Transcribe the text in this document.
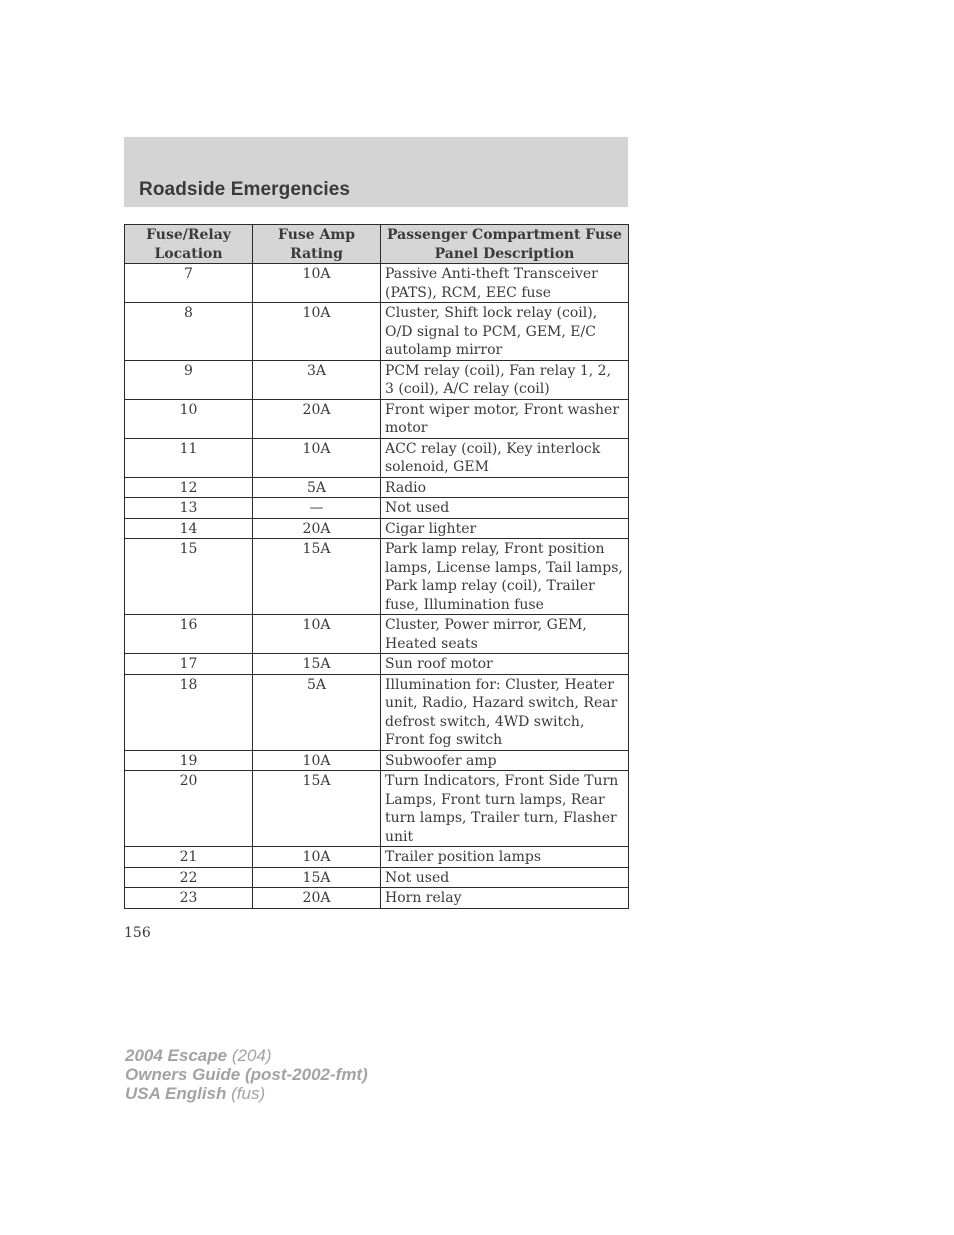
Roadside Emergencies
Fuse/Relay Location	Fuse Amp Rating	Passenger Compartment Fuse Panel Description
7	10A	Passive Anti-theft Transceiver (PATS), RCM, EEC fuse
8	10A	Cluster, Shift lock relay (coil), O/D signal to PCM, GEM, E/C autolamp mirror
9	3A	PCM relay (coil), Fan relay 1, 2, 3 (coil), A/C relay (coil)
10	20A	Front wiper motor, Front washer motor
11	10A	ACC relay (coil), Key interlock solenoid, GEM
12	5A	Radio
13	—	Not used
14	20A	Cigar lighter
15	15A	Park lamp relay, Front position lamps, License lamps, Tail lamps, Park lamp relay (coil), Trailer fuse, Illumination fuse
16	10A	Cluster, Power mirror, GEM, Heated seats
17	15A	Sun roof motor
18	5A	Illumination for: Cluster, Heater unit, Radio, Hazard switch, Rear defrost switch, 4WD switch, Front fog switch
19	10A	Subwoofer amp
20	15A	Turn Indicators, Front Side Turn Lamps, Front turn lamps, Rear turn lamps, Trailer turn, Flasher unit
21	10A	Trailer position lamps
22	15A	Not used
23	20A	Horn relay
156
2004 Escape (204)
Owners Guide (post-2002-fmt)
USA English (fus)
